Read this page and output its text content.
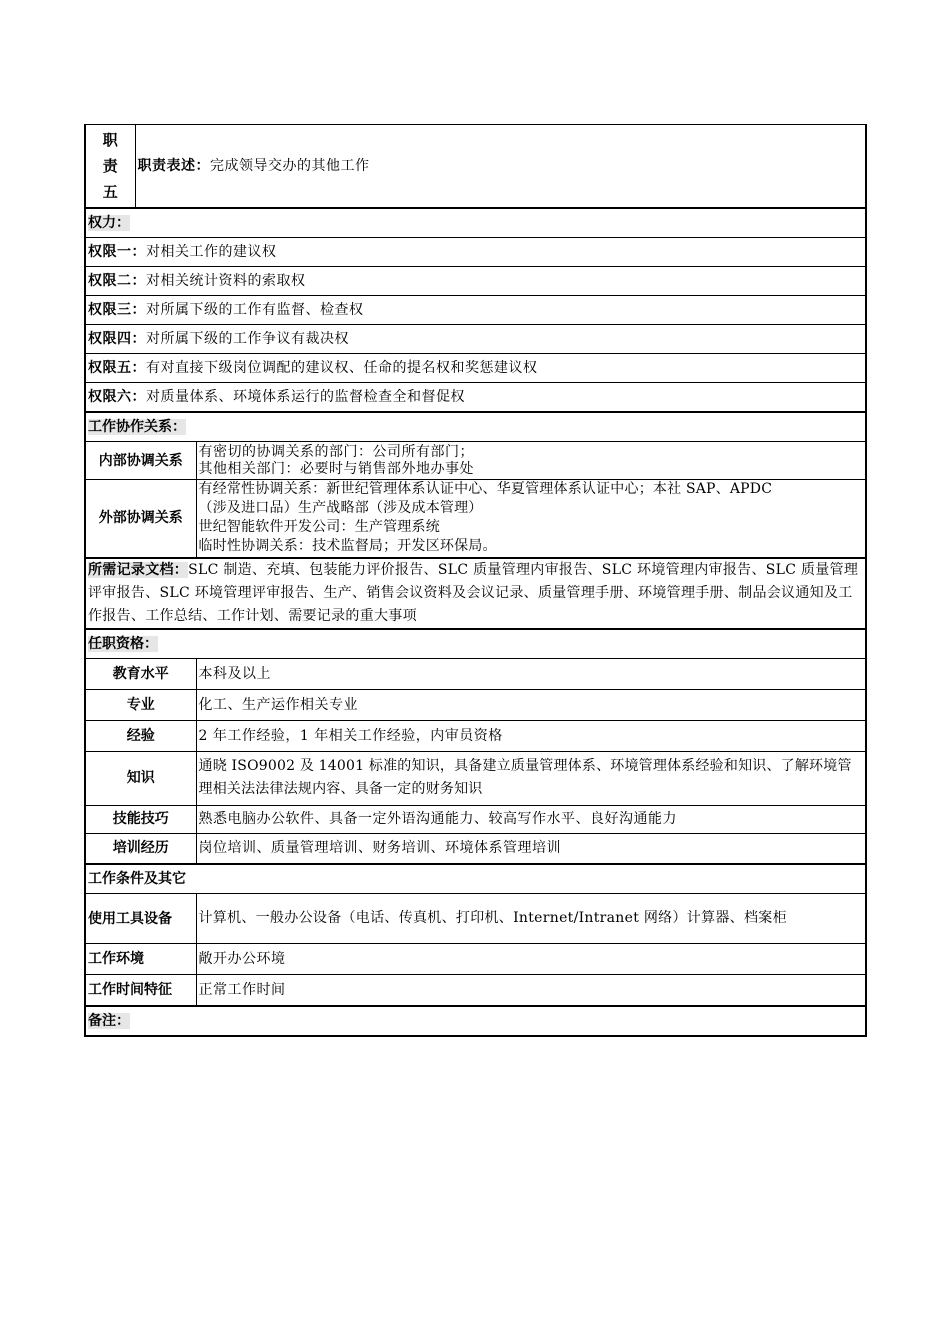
职
责
五	职责表述：完成领导交办的其他工作	
权力：		
权限一：对相关工作的建议权		
权限二：对相关统计资料的索取权		
权限三：对所属下级的工作有监督、检查权		
权限四：对所属下级的工作争议有裁决权		
权限五：有对直接下级岗位调配的建议权、任命的提名权和奖惩建议权		
权限六：对质量体系、环境体系运行的监督检查全和督促权		
工作协作关系：		
内部协调关系		有密切的协调关系的部门：公司所有部门；
其他相关部门：必要时与销售部外地办事处

外部协调关系		有经常性协调关系：新世纪管理体系认证中心、华夏管理体系认证中心；本社 SAP、APDC
（涉及进口品）生产战略部（涉及成本管理）
世纪智能软件开发公司：生产管理系统
临时性协调关系：技术监督局；开发区环保局。

所需记录文档：SLC 制造、充填、包装能力评价报告、SLC 质量管理内审报告、SLC 环境管理内审报告、SLC 质量管理评审报告、SLC 环境管理评审报告、生产、销售会议资料及会议记录、质量管理手册、环境管理手册、制品会议通知及工作报告、工作总结、工作计划、需要记录的重大事项		
任职资格：		
教育水平		本科及以上
专业		化工、生产运作相关专业
经验		2 年工作经验，1 年相关工作经验，内审员资格
知识		通晓 ISO9002 及 14001 标准的知识，具备建立质量管理体系、环境管理体系经验和知识、了解环境管理相关法法律法规内容、具备一定的财务知识
技能技巧		熟悉电脑办公软件、具备一定外语沟通能力、较高写作水平、良好沟通能力
培训经历		岗位培训、质量管理培训、财务培训、环境体系管理培训
工作条件及其它		
使用工具设备		计算机、一般办公设备（电话、传真机、打印机、Internet/Intranet 网络）计算器、档案柜
工作环境		敞开办公环境
工作时间特征		正常工作时间
备注：		
